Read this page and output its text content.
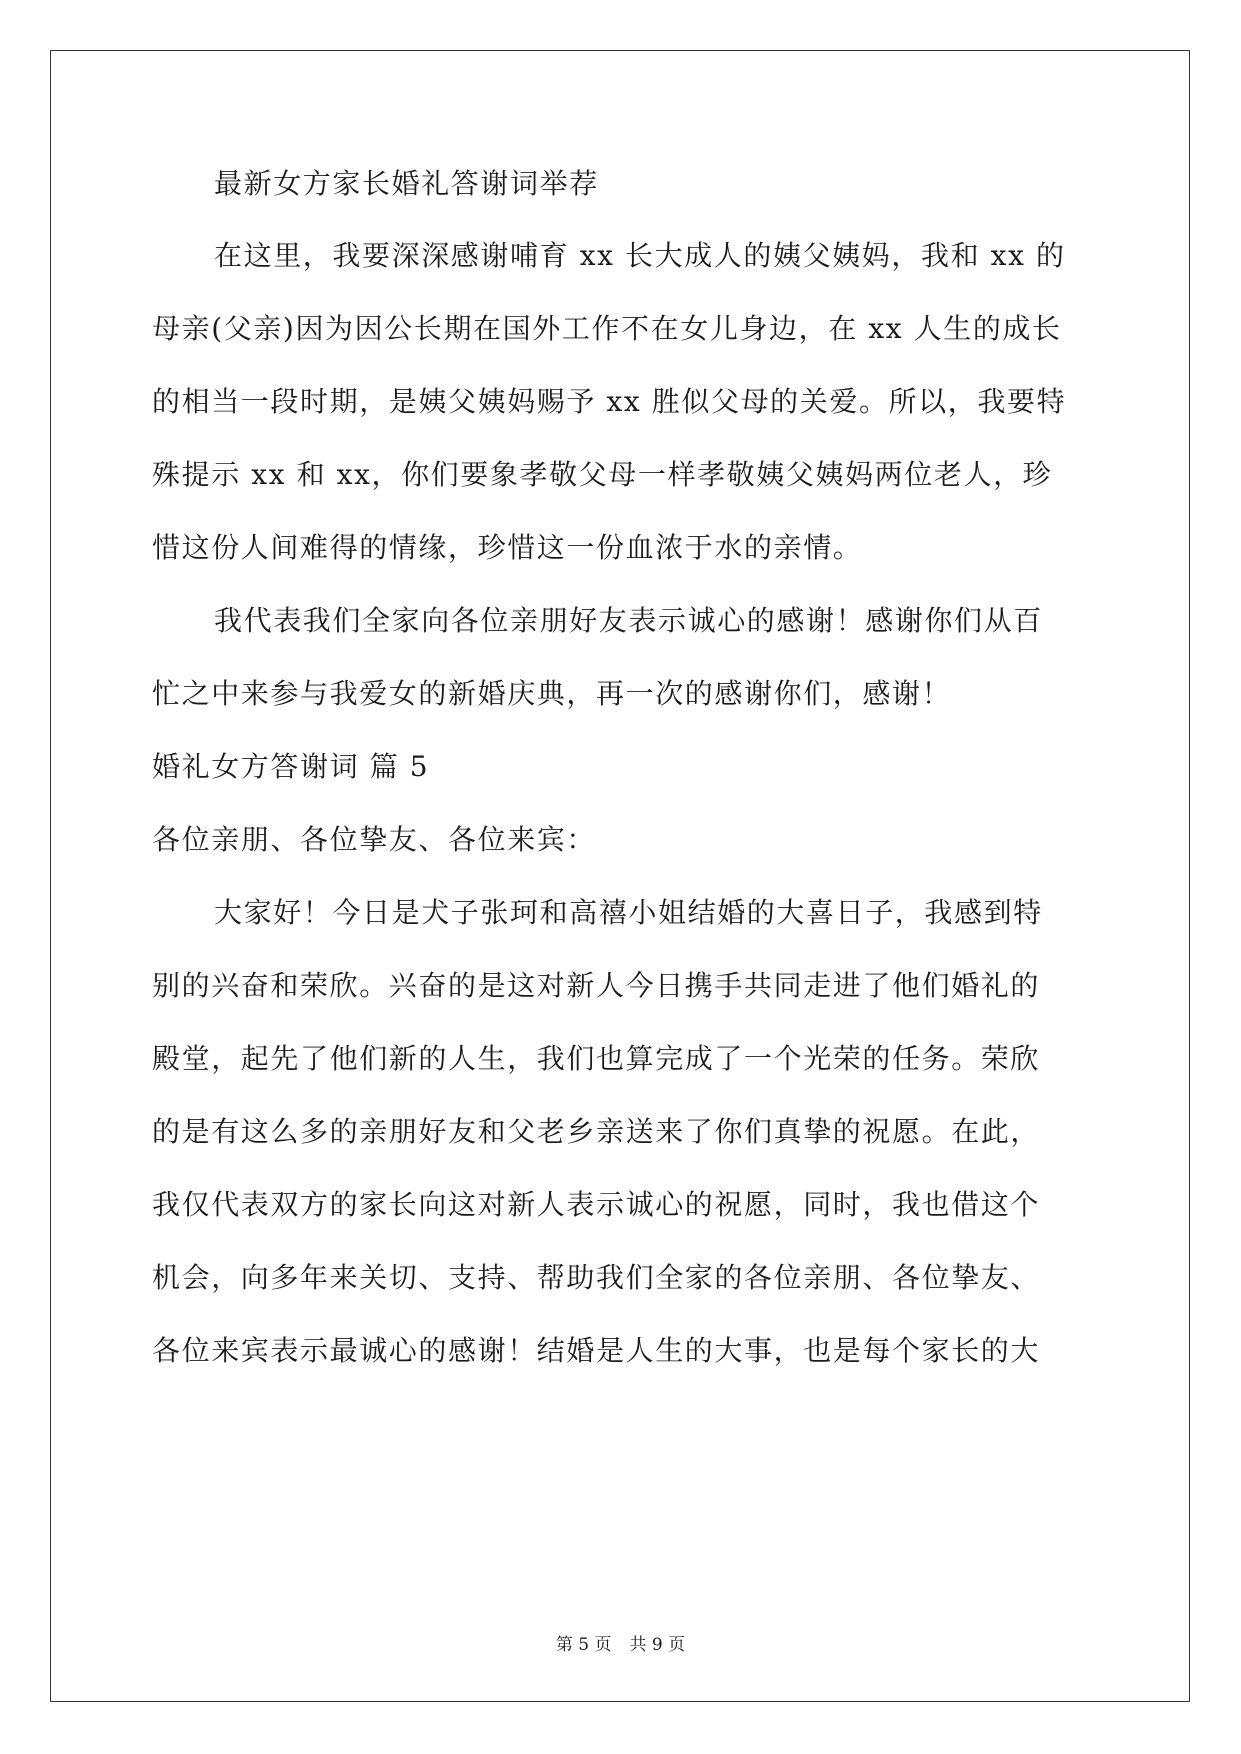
最新女方家长婚礼答谢词举荐
在这里，我要深深感谢哺育 xx 长大成人的姨父姨妈，我和 xx 的
母亲(父亲)因为因公长期在国外工作不在女儿身边，在 xx 人生的成长
的相当一段时期，是姨父姨妈赐予 xx 胜似父母的关爱。所以，我要特
殊提示 xx 和 xx，你们要象孝敬父母一样孝敬姨父姨妈两位老人，珍
惜这份人间难得的情缘，珍惜这一份血浓于水的亲情。
我代表我们全家向各位亲朋好友表示诚心的感谢！感谢你们从百
忙之中来参与我爱女的新婚庆典，再一次的感谢你们，感谢！
婚礼女方答谢词 篇 5
各位亲朋、各位挚友、各位来宾：
大家好！今日是犬子张珂和高禧小姐结婚的大喜日子，我感到特
别的兴奋和荣欣。兴奋的是这对新人今日携手共同走进了他们婚礼的
殿堂，起先了他们新的人生，我们也算完成了一个光荣的任务。荣欣
的是有这么多的亲朋好友和父老乡亲送来了你们真挚的祝愿。在此，
我仅代表双方的家长向这对新人表示诚心的祝愿，同时，我也借这个
机会，向多年来关切、支持、帮助我们全家的各位亲朋、各位挚友、
各位来宾表示最诚心的感谢！结婚是人生的大事，也是每个家长的大
第 5 页 共 9 页
